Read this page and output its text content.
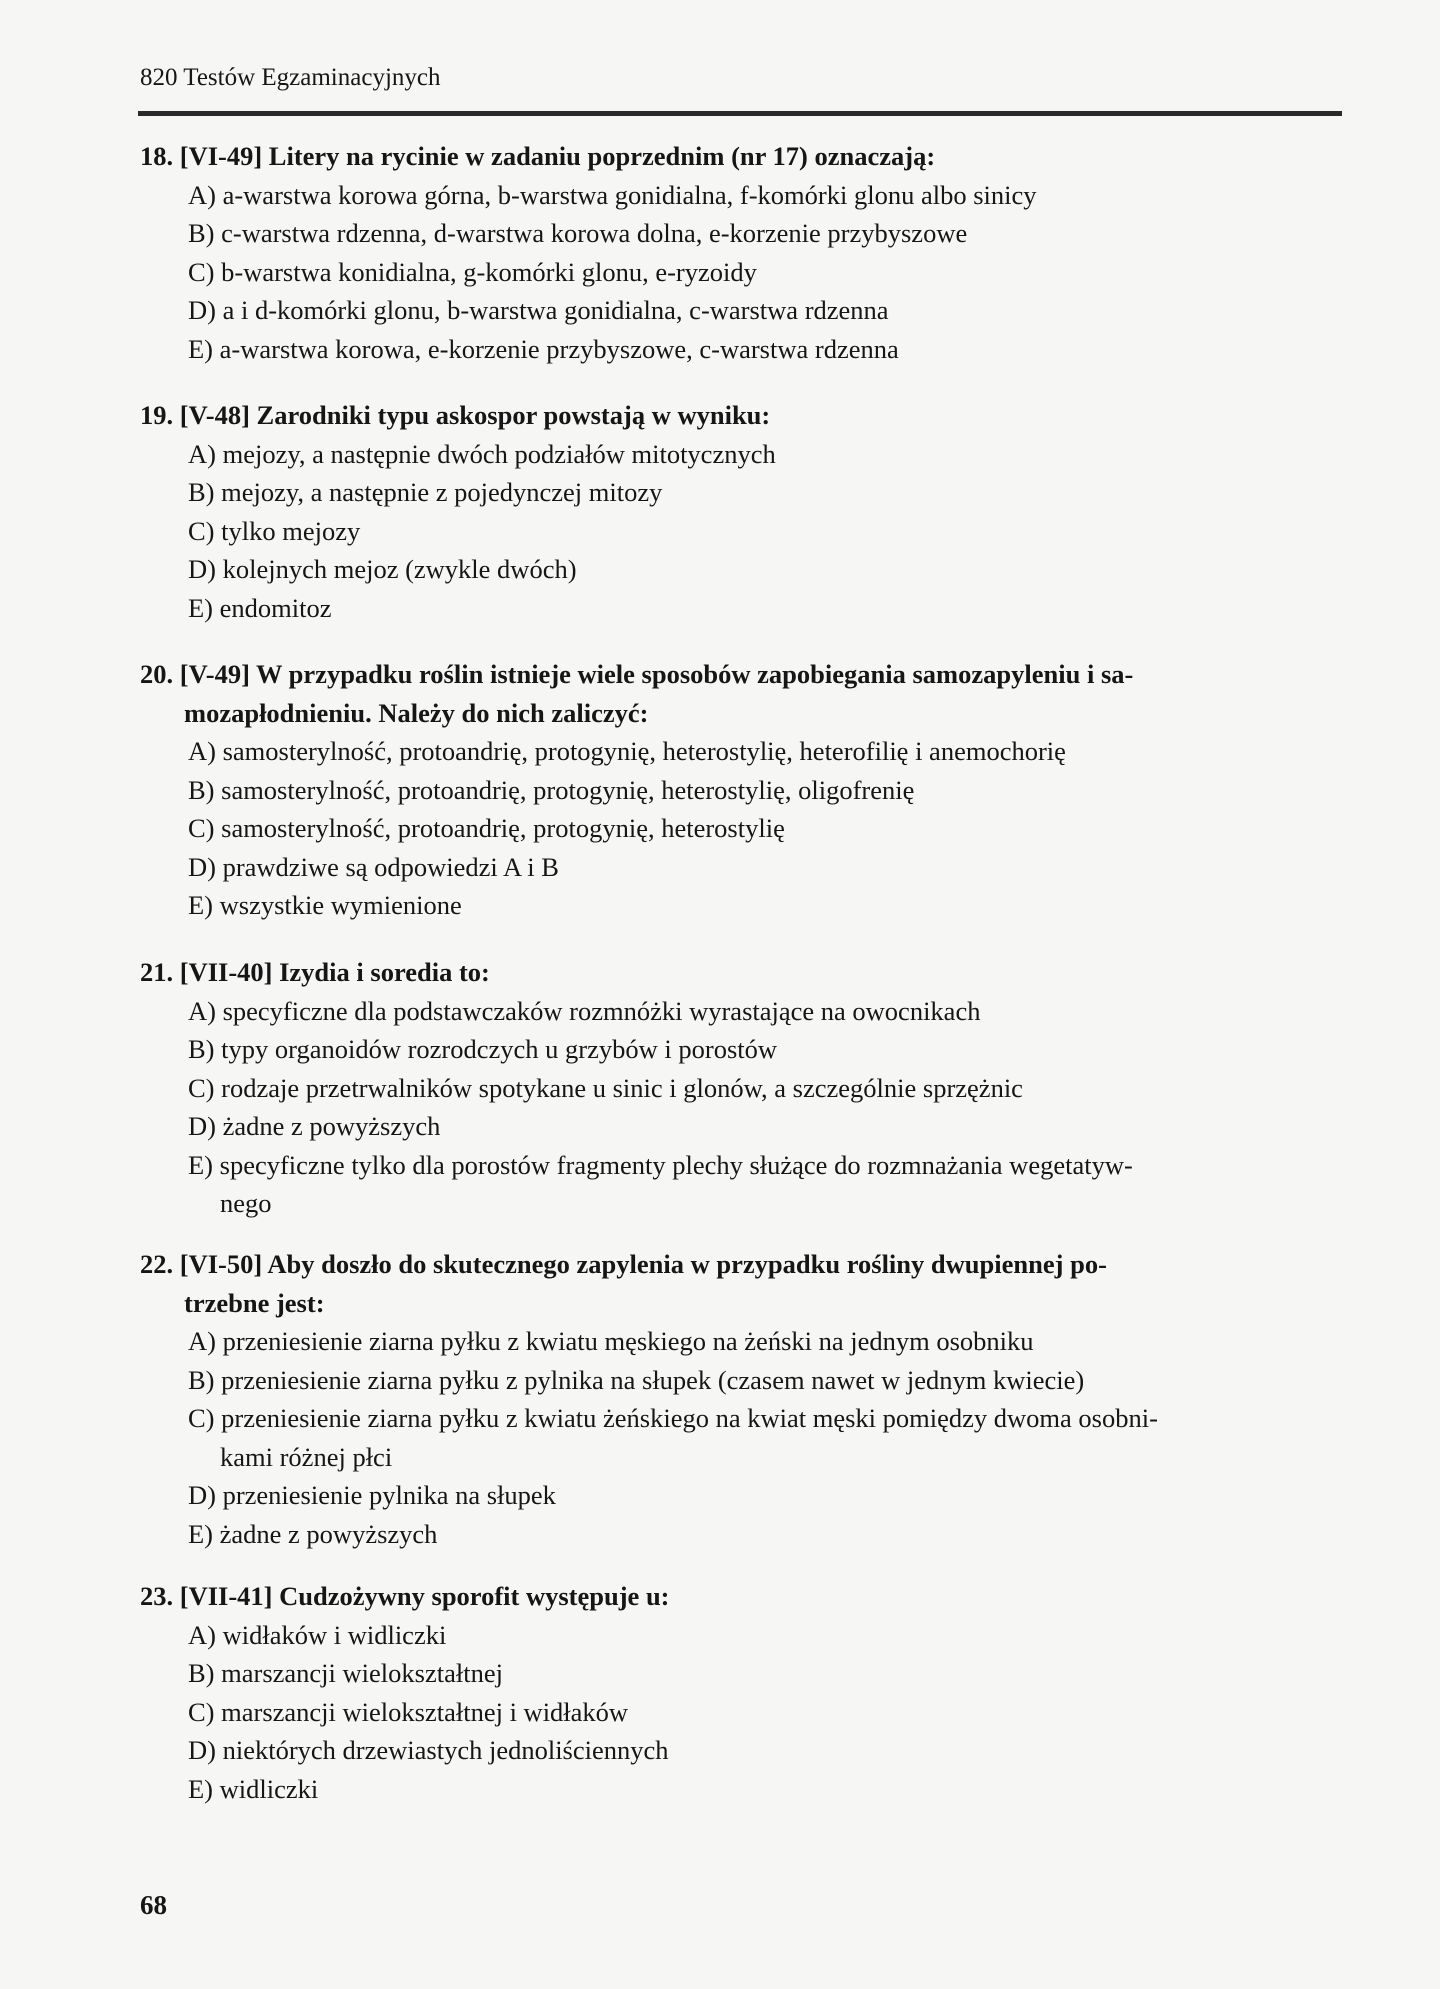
820 Testów Egzaminacyjnych
18. [VI-49] Litery na rycinie w zadaniu poprzednim (nr 17) oznaczają:
A) a-warstwa korowa górna, b-warstwa gonidialna, f-komórki glonu albo sinicy
B) c-warstwa rdzenna, d-warstwa korowa dolna, e-korzenie przybyszowe
C) b-warstwa konidialna, g-komórki glonu, e-ryzoidy
D) a i d-komórki glonu, b-warstwa gonidialna, c-warstwa rdzenna
E) a-warstwa korowa, e-korzenie przybyszowe, c-warstwa rdzenna
19. [V-48] Zarodniki typu askospor powstają w wyniku:
A) mejozy, a następnie dwóch podziałów mitotycznych
B) mejozy, a następnie z pojedynczej mitozy
C) tylko mejozy
D) kolejnych mejoz (zwykle dwóch)
E) endomitoz
20. [V-49] W przypadku roślin istnieje wiele sposobów zapobiegania samozapyleniu i sa-
mozapłodnieniu. Należy do nich zaliczyć:
A) samosterylność, protoandrię, protogynię, heterostylię, heterofilię i anemochorię
B) samosterylność, protoandrię, protogynię, heterostylię, oligofrenię
C) samosterylność, protoandrię, protogynię, heterostylię
D) prawdziwe są odpowiedzi A i B
E) wszystkie wymienione
21. [VII-40] Izydia i soredia to:
A) specyficzne dla podstawczaków rozmnóżki wyrastające na owocnikach
B) typy organoidów rozrodczych u grzybów i porostów
C) rodzaje przetrwalników spotykane u sinic i glonów, a szczególnie sprzężnic
D) żadne z powyższych
E) specyficzne tylko dla porostów fragmenty plechy służące do rozmnażania wegetatyw-
nego
22. [VI-50] Aby doszło do skutecznego zapylenia w przypadku rośliny dwupiennej po-
trzebne jest:
A) przeniesienie ziarna pyłku z kwiatu męskiego na żeński na jednym osobniku
B) przeniesienie ziarna pyłku z pylnika na słupek (czasem nawet w jednym kwiecie)
C) przeniesienie ziarna pyłku z kwiatu żeńskiego na kwiat męski pomiędzy dwoma osobni-
kami różnej płci
D) przeniesienie pylnika na słupek
E) żadne z powyższych
23. [VII-41] Cudzożywny sporofit występuje u:
A) widłaków i widliczki
B) marszancji wielokształtnej
C) marszancji wielokształtnej i widłaków
D) niektórych drzewiastych jednoliściennych
E) widliczki
68
